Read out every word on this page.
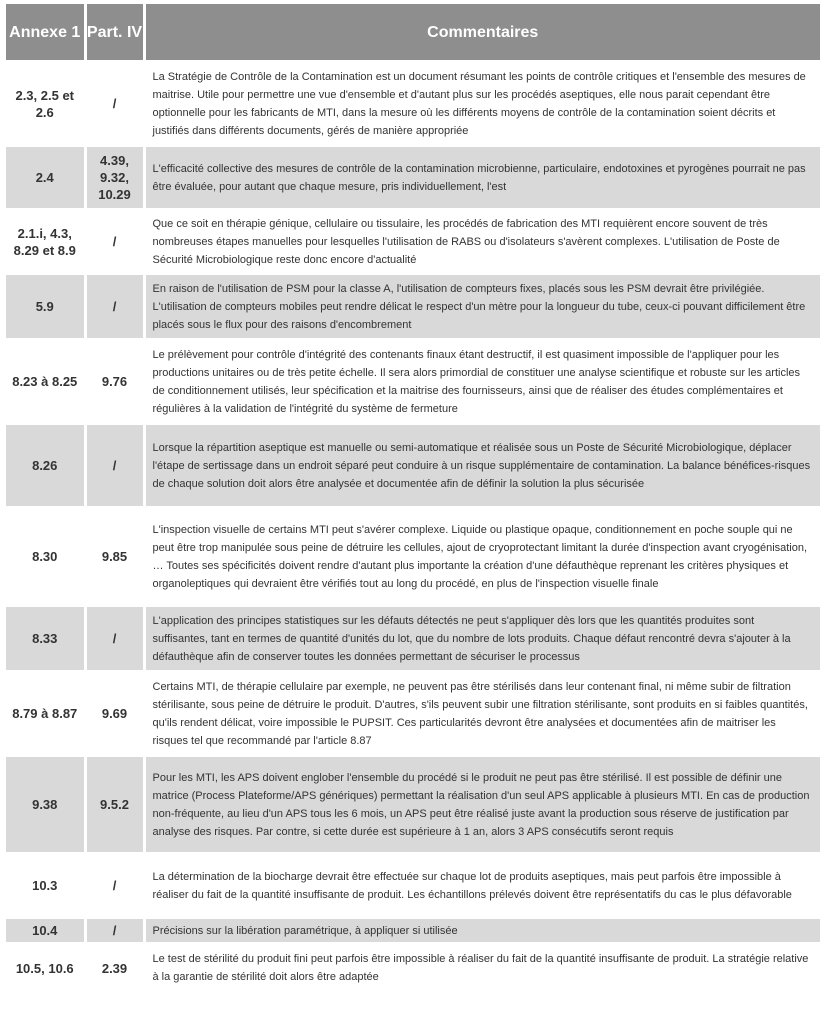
Annexe 1	Part. IV	Commentaires
2.3, 2.5 et 2.6	/	La Stratégie de Contrôle de la Contamination est un document résumant les points de contrôle critiques et l'ensemble des mesures de maitrise. Utile pour permettre une vue d'ensemble et d'autant plus sur les procédés aseptiques, elle nous parait cependant être optionnelle pour les fabricants de MTI, dans la mesure où les différents moyens de contrôle de la contamination soient décrits et justifiés dans différents documents, gérés de manière appropriée
2.4	4.39, 9.32, 10.29	L'efficacité collective des mesures de contrôle de la contamination microbienne, particulaire, endotoxines et pyrogènes pourrait ne pas être évaluée, pour autant que chaque mesure, pris individuellement, l'est
2.1.i, 4.3, 8.29 et 8.9	/	Que ce soit en thérapie génique, cellulaire ou tissulaire, les procédés de fabrication des MTI requièrent encore souvent de très nombreuses étapes manuelles pour lesquelles l'utilisation de RABS ou d'isolateurs s'avèrent complexes. L'utilisation de Poste de Sécurité Microbiologique reste donc encore d'actualité
5.9	/	En raison de l'utilisation de PSM pour la classe A, l'utilisation de compteurs fixes, placés sous les PSM devrait être privilégiée. L'utilisation de compteurs mobiles peut rendre délicat le respect d'un mètre pour la longueur du tube, ceux-ci pouvant difficilement être placés sous le flux pour des raisons d'encombrement
8.23 à 8.25	9.76	Le prélèvement pour contrôle d'intégrité des contenants finaux étant destructif, il est quasiment impossible de l'appliquer pour les productions unitaires ou de très petite échelle. Il sera alors primordial de constituer une analyse scientifique et robuste sur les articles de conditionnement utilisés, leur spécification et la maitrise des fournisseurs, ainsi que de réaliser des études complémentaires et régulières à la validation de l'intégrité du système de fermeture
8.26	/	Lorsque la répartition aseptique est manuelle ou semi-automatique et réalisée sous un Poste de Sécurité Microbiologique, déplacer l'étape de sertissage dans un endroit séparé peut conduire à un risque supplémentaire de contamination. La balance bénéfices-risques de chaque solution doit alors être analysée et documentée afin de définir la solution la plus sécurisée
8.30	9.85	L'inspection visuelle de certains MTI peut s'avérer complexe. Liquide ou plastique opaque, conditionnement en poche souple qui ne peut être trop manipulée sous peine de détruire les cellules, ajout de cryoprotectant limitant la durée d'inspection avant cryogénisation, … Toutes ses spécificités doivent rendre d'autant plus importante la création d'une défauthèque reprenant les critères physiques et organoleptiques qui devraient être vérifiés tout au long du procédé, en plus de l'inspection visuelle finale
8.33	/	L'application des principes statistiques sur les défauts détectés ne peut s'appliquer dès lors que les quantités produites sont suffisantes, tant en termes de quantité d'unités du lot, que du nombre de lots produits. Chaque défaut rencontré devra s'ajouter à la défauthèque afin de conserver toutes les données permettant de sécuriser le processus
8.79 à 8.87	9.69	Certains MTI, de thérapie cellulaire par exemple, ne peuvent pas être stérilisés dans leur contenant final, ni même subir de filtration stérilisante, sous peine de détruire le produit. D'autres, s'ils peuvent subir une filtration stérilisante, sont produits en si faibles quantités, qu'ils rendent délicat, voire impossible le PUPSIT. Ces particularités devront être analysées et documentées afin de maitriser les risques tel que recommandé par l'article 8.87
9.38	9.5.2	Pour les MTI, les APS doivent englober l'ensemble du procédé si le produit ne peut pas être stérilisé. Il est possible de définir une matrice (Process Plateforme/APS génériques) permettant la réalisation d'un seul APS applicable à plusieurs MTI. En cas de production non-fréquente, au lieu d'un APS tous les 6 mois, un APS peut être réalisé juste avant la production sous réserve de justification par analyse des risques. Par contre, si cette durée est supérieure à 1 an, alors 3 APS consécutifs seront requis
10.3	/	La détermination de la biocharge devrait être effectuée sur chaque lot de produits aseptiques, mais peut parfois être impossible à réaliser du fait de la quantité insuffisante de produit. Les échantillons prélevés doivent être représentatifs du cas le plus défavorable
10.4	/	Précisions sur la libération paramétrique, à appliquer si utilisée
10.5, 10.6	2.39	Le test de stérilité du produit fini peut parfois être impossible à réaliser du fait de la quantité insuffisante de produit. La stratégie relative à la garantie de stérilité doit alors être adaptée
